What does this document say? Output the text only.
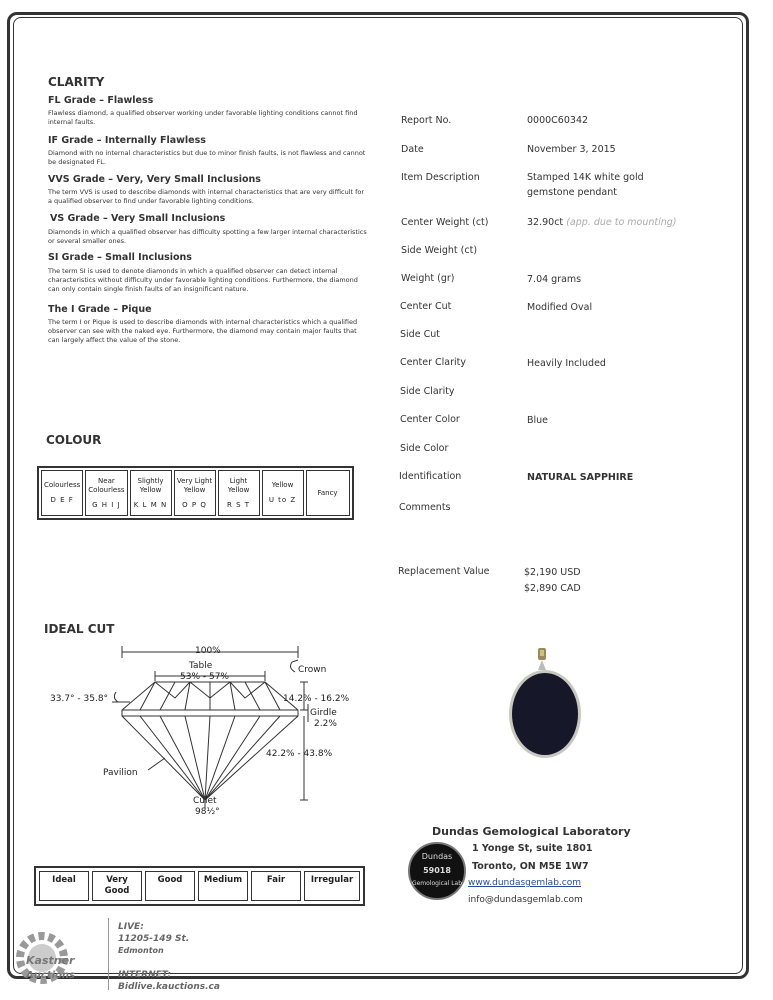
CLARITY
FL Grade – Flawless
Flawless diamond, a qualified observer working under favorable lighting conditions cannot find internal faults.
IF Grade – Internally Flawless
Diamond with no internal characteristics but due to minor finish faults, is not flawless and cannot be designated FL.
VVS Grade – Very, Very Small Inclusions
The term VVS is used to describe diamonds with internal characteristics that are very difficult for a qualified observer to find under favorable lighting conditions.
VS Grade – Very Small Inclusions
Diamonds in which a qualified observer has difficulty spotting a few larger internal characteristics or several smaller ones.
SI Grade – Small Inclusions
The term SI is used to denote diamonds in which a qualified observer can detect internal characteristics without difficulty under favorable lighting conditions. Furthermore, the diamond can only contain single finish faults of an insignificant nature.
The I Grade – Pique
The term I or Pique is used to describe diamonds with internal characteristics which a qualified observer can see with the naked eye. Furthermore, the diamond may contain major faults that can largely affect the value of the stone.
COLOUR
Colourless
D E F
	Near Colourless
G H I J
	Slightly Yellow
K L M N
	Very Light Yellow
O P Q
	Light Yellow
R S T
	Yellow
U to Z
	Fancy
IDEAL CUT
100%
Table
53% - 57%
Crown
33.7° - 35.8°	14.2% - 16.2%
Girdle
2.2%
42.2% - 43.8%
Pavilion
Culet
98½°
Ideal	Very Good	Good	Medium	Fair	Irregular
Report No.	0000C60342
Date	November 3, 2015
Item Description	Stamped 14K white gold
gemstone pendant
Center Weight (ct)	32.90ct (app. due to mounting)
Side Weight (ct)
Weight (gr)	7.04 grams
Center Cut	Modified Oval
Side Cut
Center Clarity	Heavily Included
Side Clarity
Center Color	Blue
Side Color
Identification	NATURAL SAPPHIRE
Comments
Replacement Value	$2,190 USD
$2,890 CAD
Dundas
59018
Gemological Lab
Dundas Gemological Laboratory
1 Yonge St, suite 1801
Toronto, ON M5E 1W7
www.dundasgemlab.com
info@dundasgemlab.com
Kastner
Auctions
LIVE:
11205-149 St.
Edmonton
INTERNET:
Bidlive.kauctions.ca
